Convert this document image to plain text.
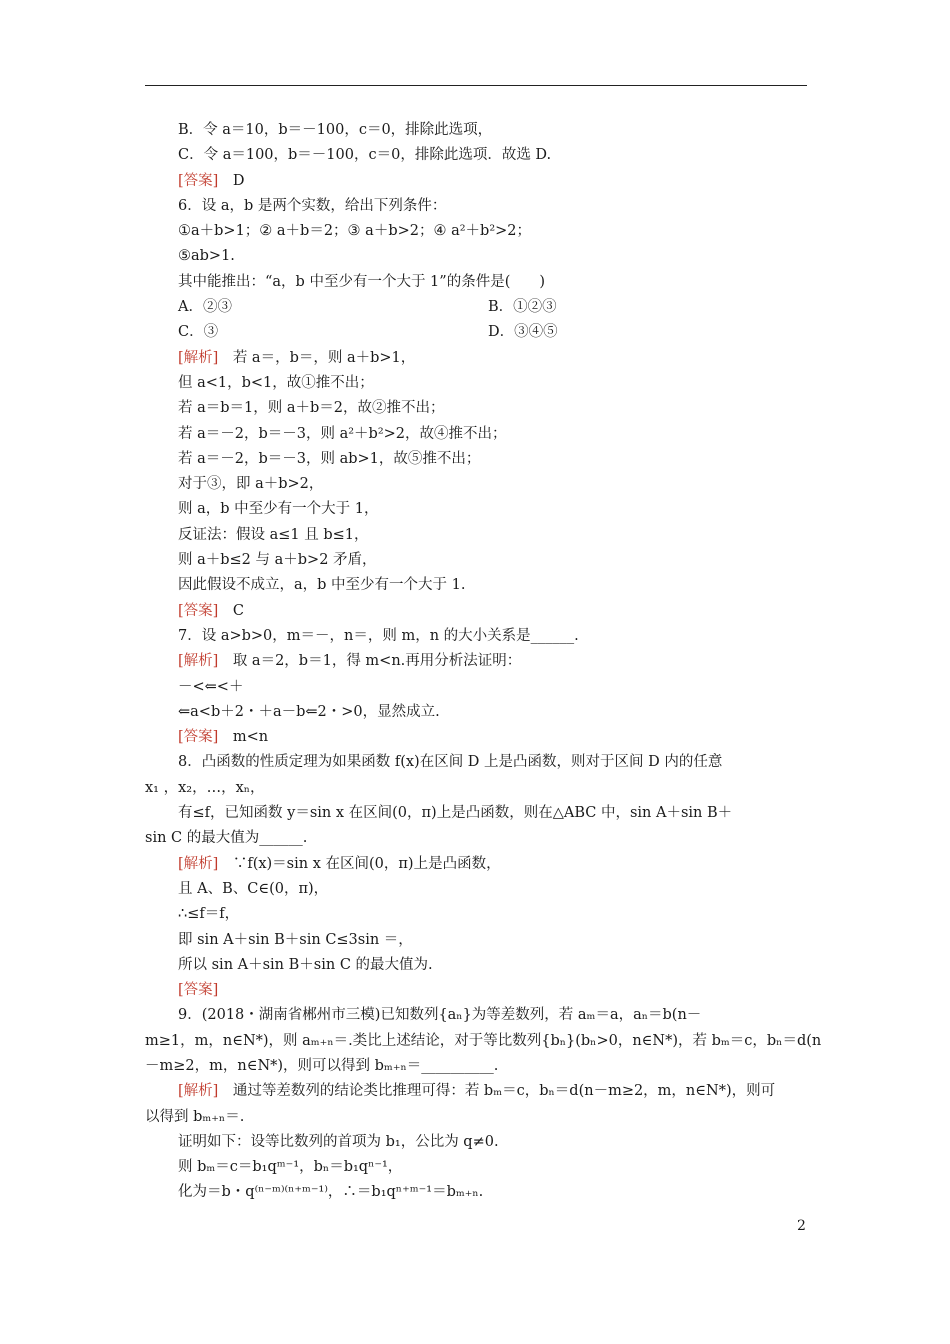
B．令 a＝10，b＝－100，c＝0，排除此选项，
C．令 a＝100，b＝－100，c＝0，排除此选项．故选 D.
[答案]　D
6．设 a，b 是两个实数，给出下列条件：
①a＋b>1；② a＋b＝2；③ a＋b>2；④ a²＋b²>2；
⑤ab>1.
其中能推出：“a，b 中至少有一个大于 1”的条件是(　　)
A．②③	B．①②③
C．③	D．③④⑤
[解析]　若 a＝，b＝，则 a＋b>1，
但 a<1，b<1，故①推不出；
若 a＝b＝1，则 a＋b＝2，故②推不出；
若 a＝－2，b＝－3，则 a²＋b²>2，故④推不出；
若 a＝－2，b＝－3，则 ab>1，故⑤推不出；
对于③，即 a＋b>2，
则 a，b 中至少有一个大于 1，
反证法：假设 a≤1 且 b≤1，
则 a＋b≤2 与 a＋b>2 矛盾，
因此假设不成立，a，b 中至少有一个大于 1.
[答案]　C
7．设 a>b>0，m＝－，n＝，则 m，n 的大小关系是______.
[解析]　取 a＝2，b＝1，得 m<n.再用分析法证明：
－<⇐<＋
⇐a<b＋2・＋a－b⇐2・>0，显然成立.
[答案]　m<n
8．凸函数的性质定理为如果函数 f(x)在区间 D 上是凸函数，则对于区间 D 内的任意
x₁ ，x₂，…，xₙ，
有≤f，已知函数 y＝sin x 在区间(0，π)上是凸函数，则在△ABC 中，sin A＋sin B＋
sin C 的最大值为______.
[解析]　∵f(x)＝sin x 在区间(0，π)上是凸函数，
且 A、B、C∈(0，π)，
∴≤f＝f，
即 sin A＋sin B＋sin C≤3sin ＝，
所以 sin A＋sin B＋sin C 的最大值为.
[答案]
9．(2018・湖南省郴州市三模)已知数列{aₙ}为等差数列，若 aₘ＝a，aₙ＝b(n－
m≥1，m，n∈N*)，则 aₘ₊ₙ＝.类比上述结论，对于等比数列{bₙ}(bₙ>0，n∈N*)，若 bₘ＝c，bₙ＝d(n
－m≥2，m，n∈N*)，则可以得到 bₘ₊ₙ＝__________.
[解析]　通过等差数列的结论类比推理可得：若 bₘ＝c，bₙ＝d(n－m≥2，m，n∈N*)，则可
以得到 bₘ₊ₙ＝.
证明如下：设等比数列的首项为 b₁，公比为 q≠0.
则 bₘ＝c＝b₁qᵐ⁻¹，bₙ＝b₁qⁿ⁻¹，
化为＝b・q⁽ⁿ⁻ᵐ⁾⁽ⁿ⁺ᵐ⁻¹⁾，∴＝b₁qⁿ⁺ᵐ⁻¹＝bₘ₊ₙ.
2
